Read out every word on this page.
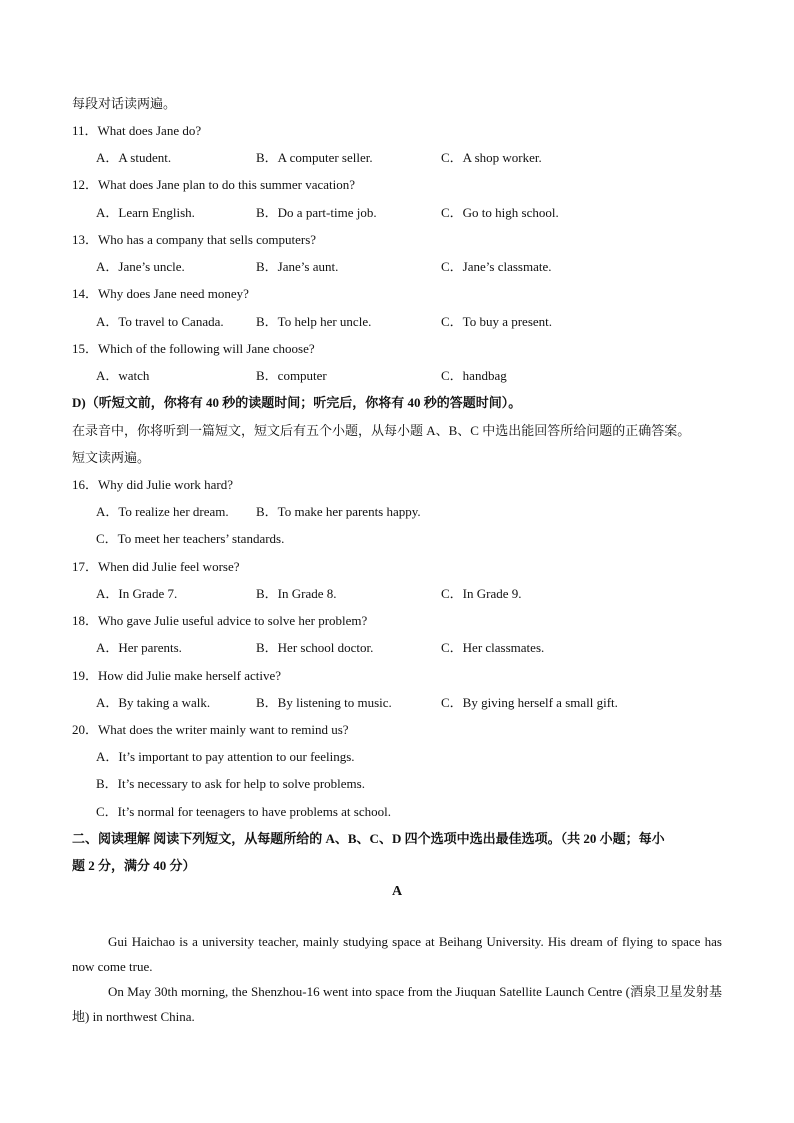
每段对话读两遍。
11．What does Jane do?
A．A student.	B．A computer seller.	C．A shop worker.
12．What does Jane plan to do this summer vacation?
A．Learn English.	B．Do a part-time job.	C．Go to high school.
13．Who has a company that sells computers?
A．Jane’s uncle.	B．Jane’s aunt.	C．Jane’s classmate.
14．Why does Jane need money?
A．To travel to Canada. B．To help her uncle.	C．To buy a present.
15．Which of the following will Jane choose?
A．watch	B．computer	C．handbag
D)（听短文前，你将有 40 秒的读题时间；听完后，你将有 40 秒的答题时间）。
在录音中，你将听到一篇短文，短文后有五个小题，从每小题 A、B、C 中选出能回答所给问题的正确答案。
短文读两遍。
16．Why did Julie work hard?
A．To realize her dream. B．To make her parents happy.
C．To meet her teachers’ standards.
17．When did Julie feel worse?
A．In Grade 7.	B．In Grade 8.	C．In Grade 9.
18．Who gave Julie useful advice to solve her problem?
A．Her parents.	B．Her school doctor.	C．Her classmates.
19．How did Julie make herself active?
A．By taking a walk.	B．By listening to music.	C．By giving herself a small gift.
20．What does the writer mainly want to remind us?
A．It’s important to pay attention to our feelings.
B．It’s necessary to ask for help to solve problems.
C．It’s normal for teenagers to have problems at school.
二、阅读理解 阅读下列短文，从每题所给的 A、B、C、D 四个选项中选出最佳选项。（共 20 小题；每小
题 2 分，满分 40 分）
A

Gui Haichao is a university teacher, mainly studying space at Beihang University. His dream of flying to space has now come true.

On May 30th morning, the Shenzhou-16 went into space from the Jiuquan Satellite Launch Centre (酒泉卫星发射基地) in northwest China.
